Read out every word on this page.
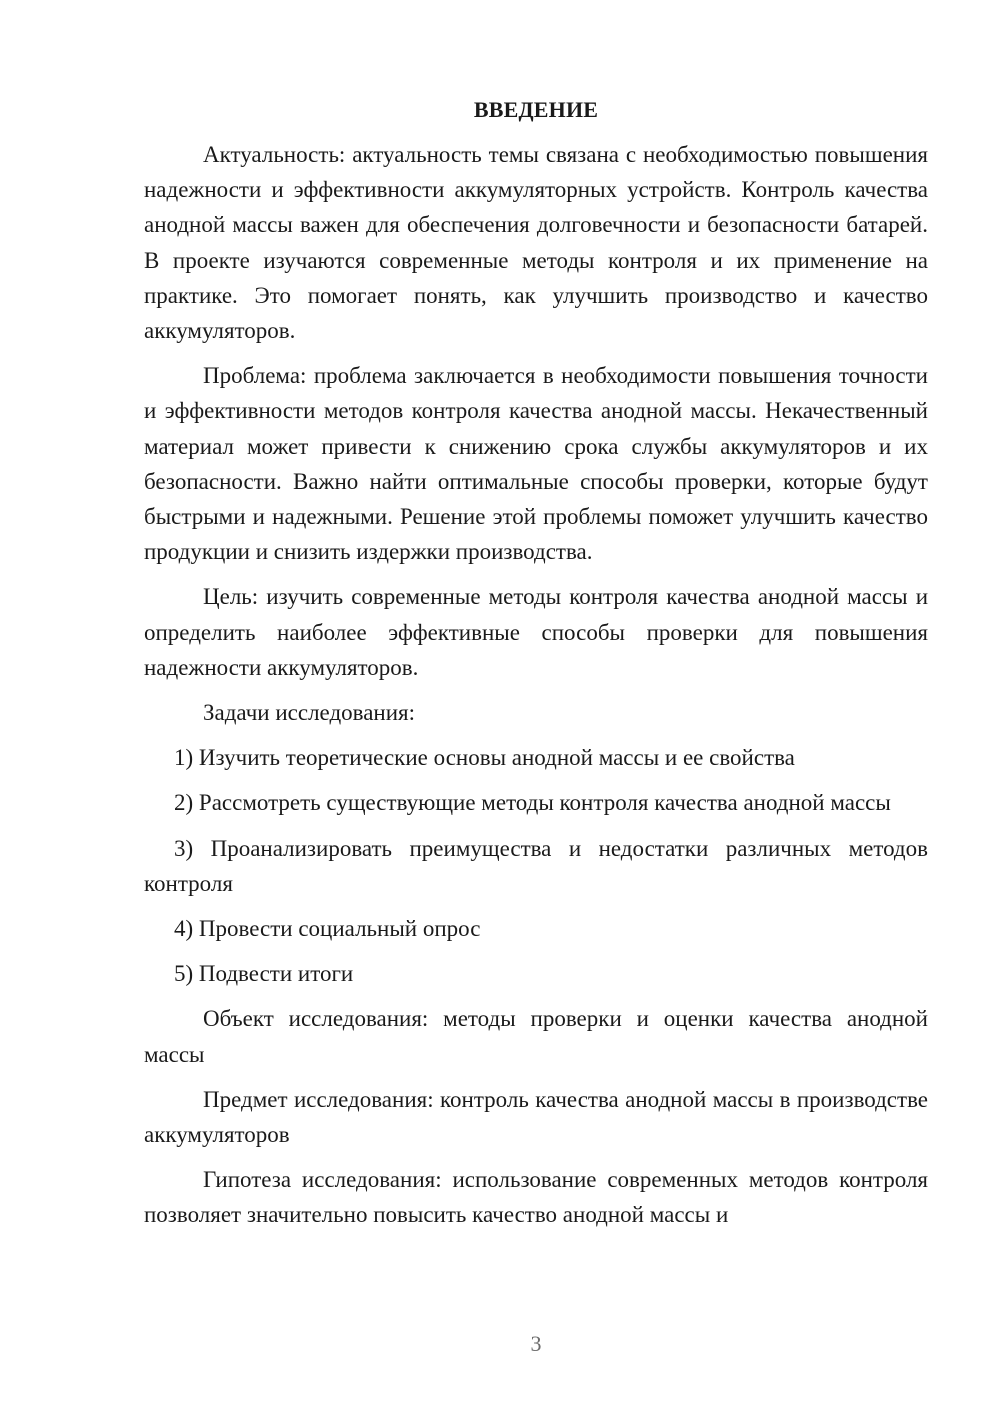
ВВЕДЕНИЕ

Актуальность: актуальность темы связана с необходимостью повышения надежности и эффективности аккумуляторных устройств. Контроль качества анодной массы важен для обеспечения долговечности и безопасности батарей. В проекте изучаются современные методы контроля и их применение на практике. Это помогает понять, как улучшить производство и качество аккумуляторов.

Проблема: проблема заключается в необходимости повышения точности и эффективности методов контроля качества анодной массы. Некачественный материал может привести к снижению срока службы аккумуляторов и их безопасности. Важно найти оптимальные способы проверки, которые будут быстрыми и надежными. Решение этой проблемы поможет улучшить качество продукции и снизить издержки производства.

Цель: изучить современные методы контроля качества анодной массы и определить наиболее эффективные способы проверки для повышения надежности аккумуляторов.

Задачи исследования:

1) Изучить теоретические основы анодной массы и ее свойства

2) Рассмотреть существующие методы контроля качества анодной массы

3) Проанализировать преимущества и недостатки различных методов контроля

4) Провести социальный опрос

5) Подвести итоги

Объект исследования: методы проверки и оценки качества анодной массы

Предмет исследования: контроль качества анодной массы в производстве аккумуляторов

Гипотеза исследования: использование современных методов контроля позволяет значительно повысить качество анодной массы и

3
